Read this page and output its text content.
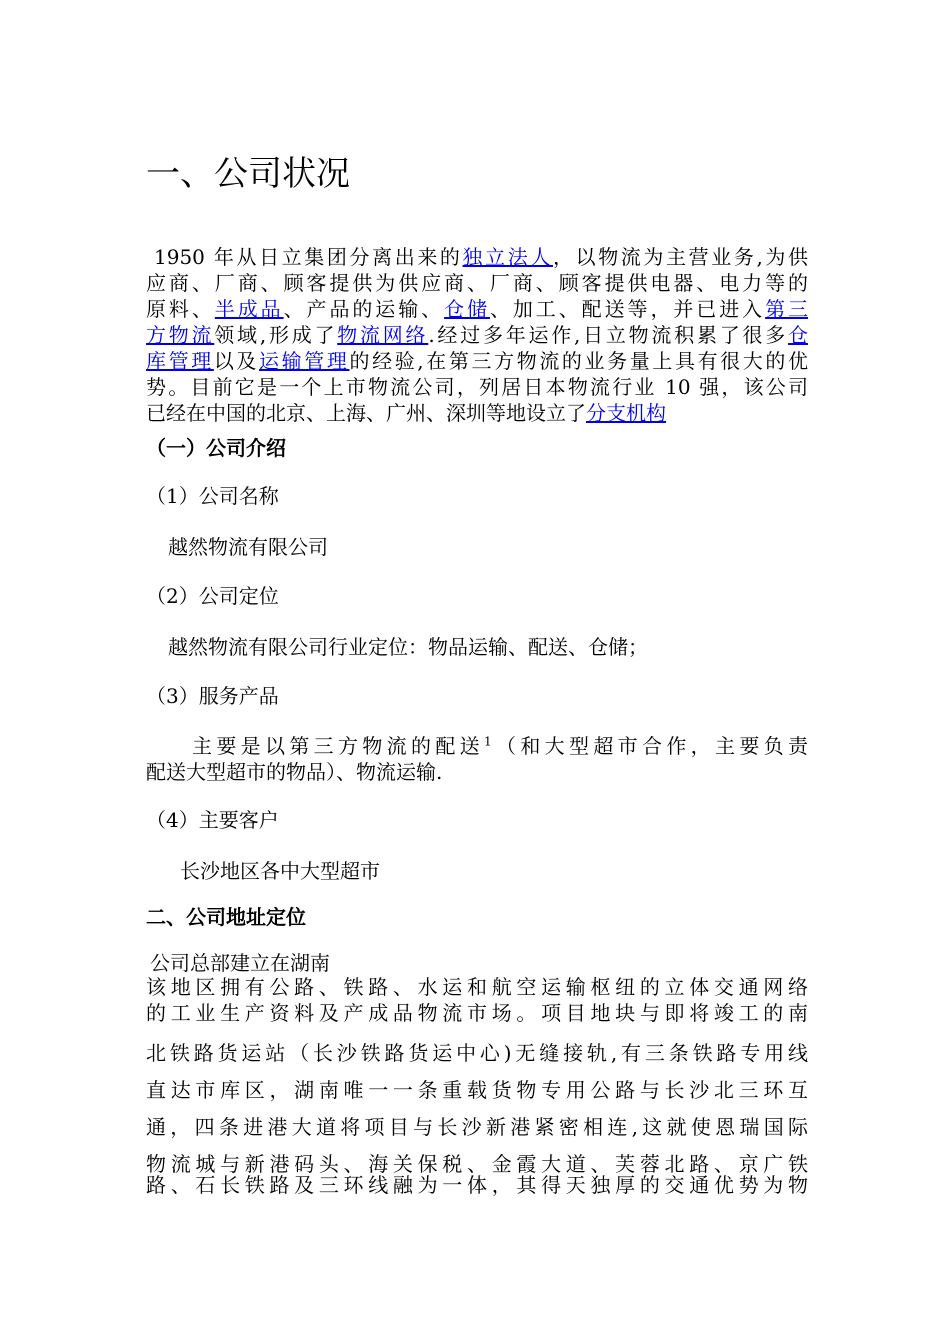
一、公司状况
1950 年从日立集团分离出来的独立法人，以物流为主营业务,为供
应商、厂商、顾客提供为供应商、厂商、顾客提供电器、电力等的
原料、半成品、产品的运输、仓储、加工、配送等，并已进入第三
方物流领域,形成了物流网络.经过多年运作,日立物流积累了很多仓
库管理以及运输管理的经验,在第三方物流的业务量上具有很大的优
势。目前它是一个上市物流公司，列居日本物流行业 10 强，该公司
已经在中国的北京、上海、广州、深圳等地设立了分支机构
（一）公司介绍
（1）公司名称
越然物流有限公司
（2）公司定位
越然物流有限公司行业定位：物品运输、配送、仓储；
（3）服务产品
主要是以第三方物流的配送$^1$（和大型超市合作，主要负责
配送大型超市的物品）、物流运输.
（4）主要客户
长沙地区各中大型超市
二、公司地址定位
公司总部建立在湖南
该地区拥有公路、铁路、水运和航空运输枢纽的立体交通网络
的工业生产资料及产成品物流市场。项目地块与即将竣工的南
北铁路货运站（长沙铁路货运中心)无缝接轨,有三条铁路专用线
直达市库区，湖南唯一一条重载货物专用公路与长沙北三环互
通，四条进港大道将项目与长沙新港紧密相连,这就使恩瑞国际
物流城与新港码头、海关保税、金霞大道、芙蓉北路、京广铁
路、石长铁路及三环线融为一体，其得天独厚的交通优势为物
